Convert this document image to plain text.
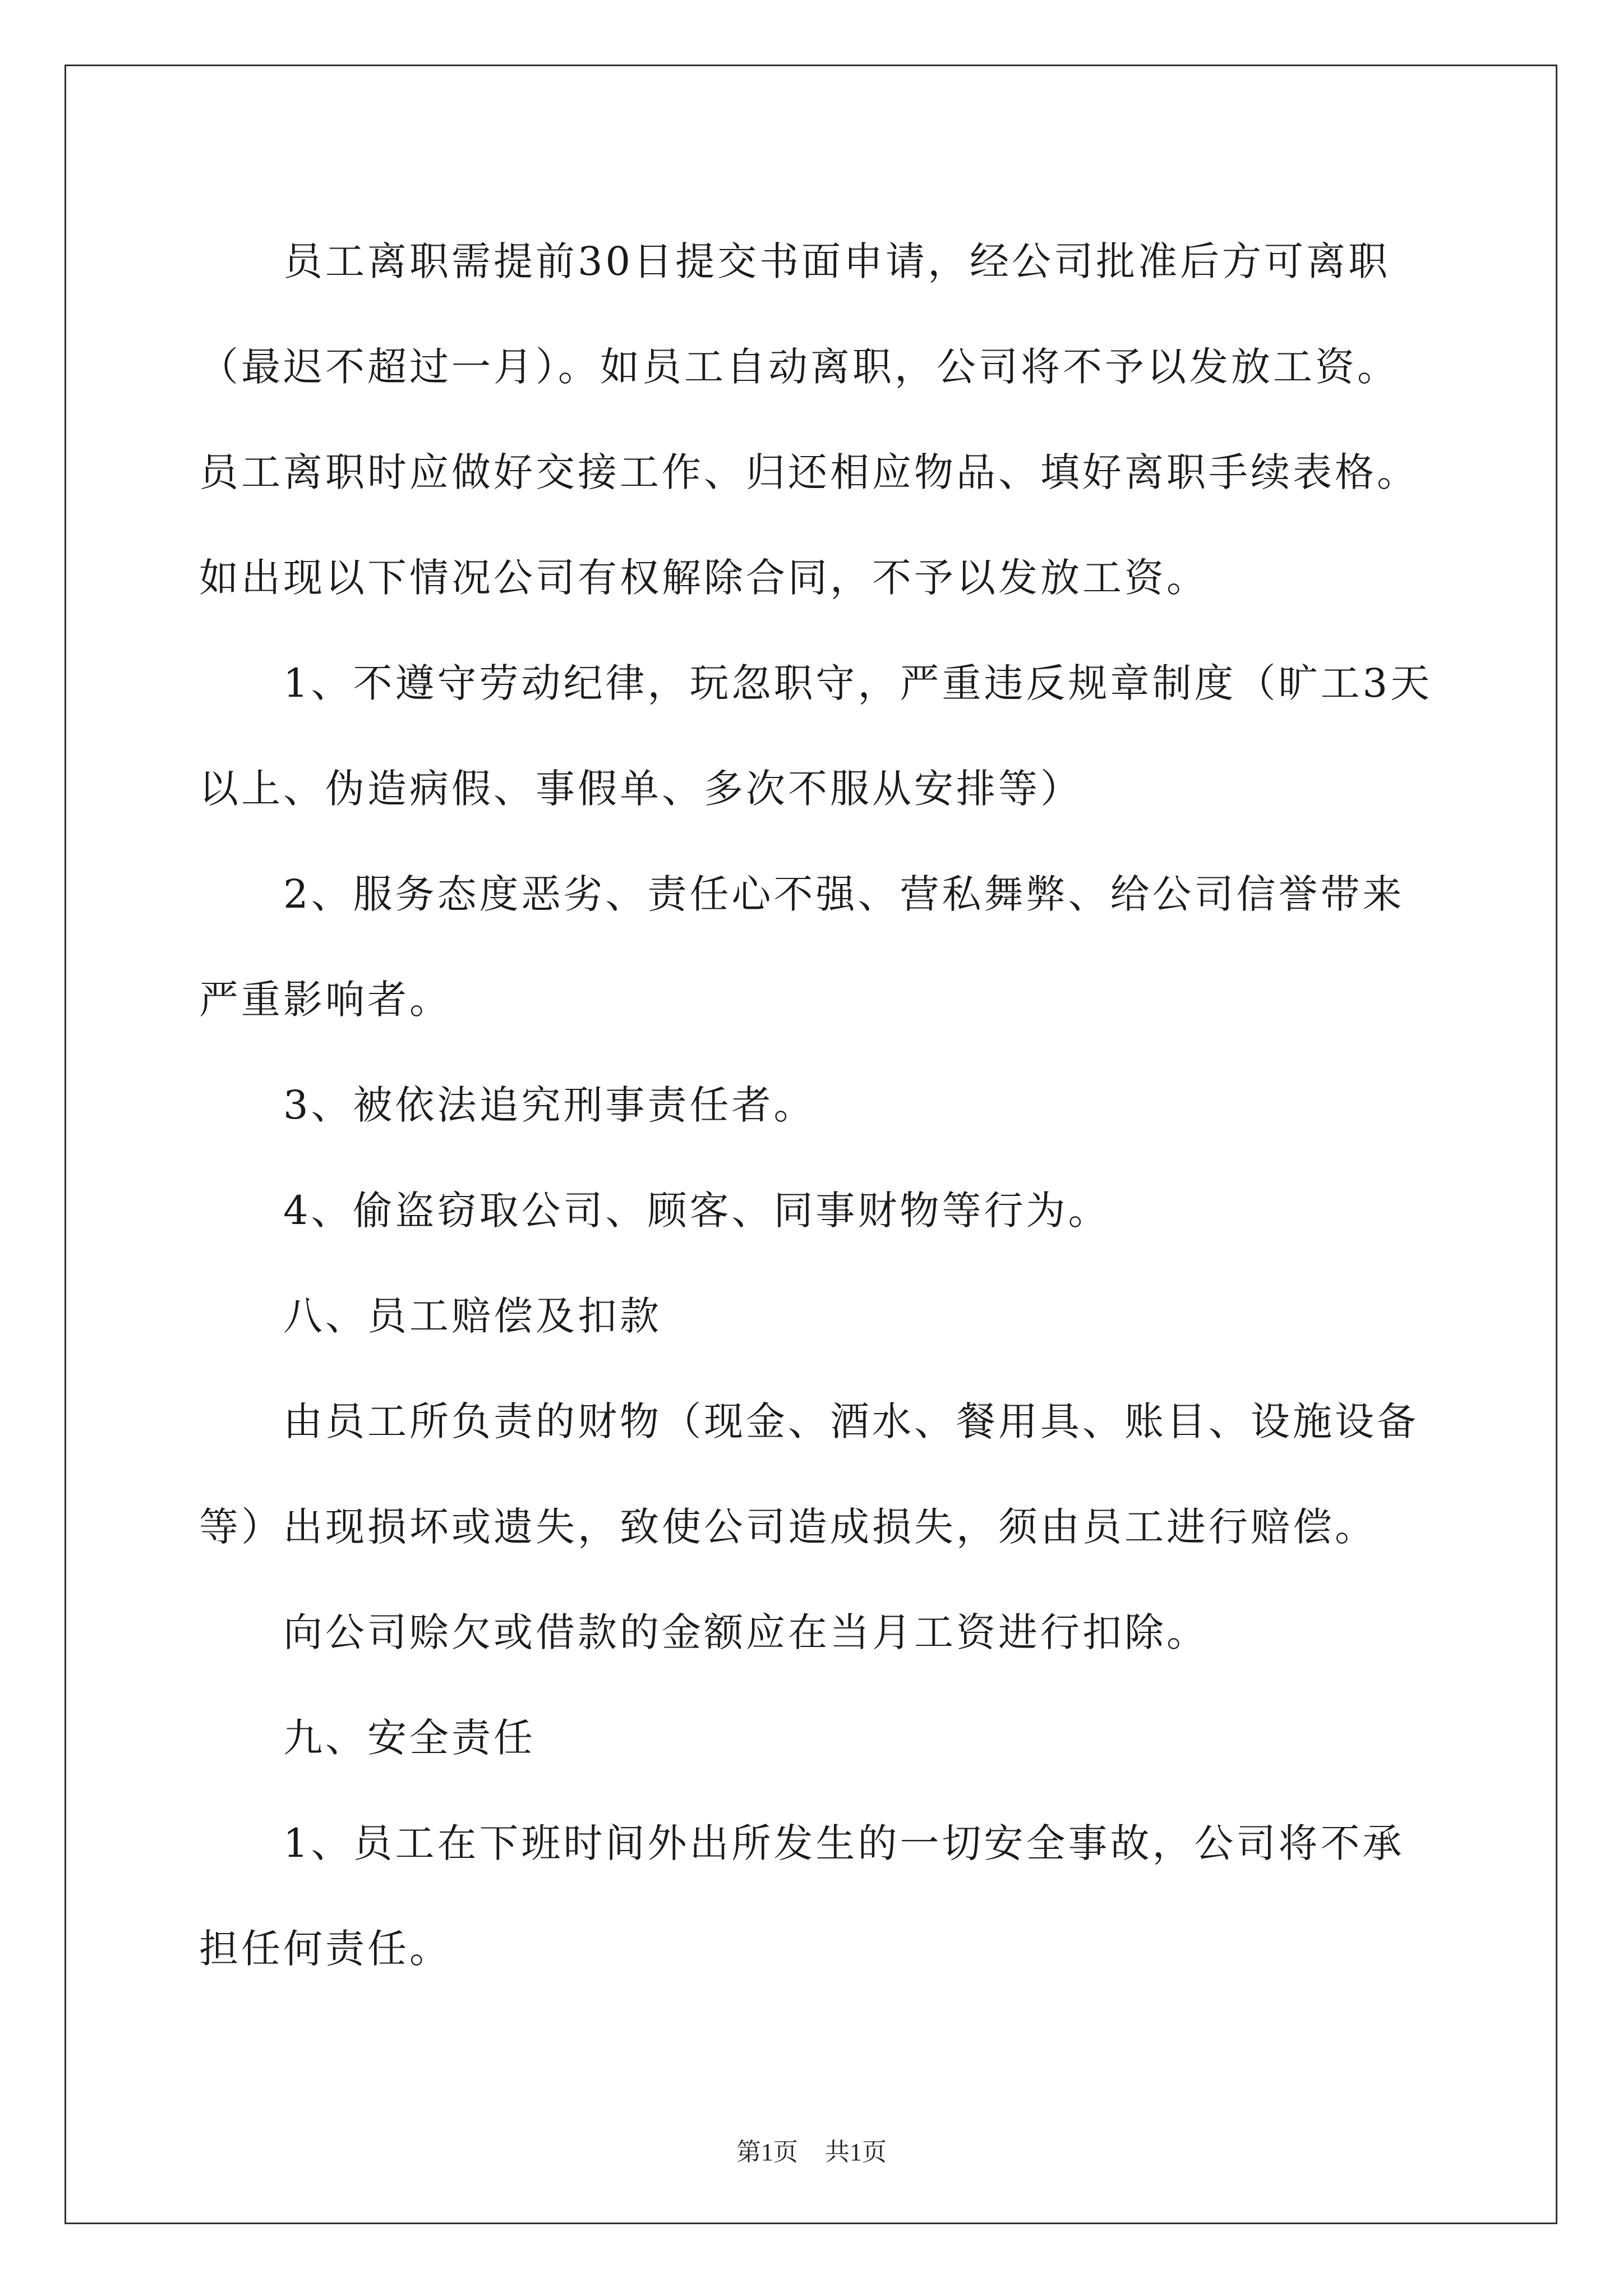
员工离职需提前30日提交书面申请，经公司批准后方可离职（最迟不超过一月）。如员工自动离职，公司将不予以发放工资。员工离职时应做好交接工作、归还相应物品、填好离职手续表格。如出现以下情况公司有权解除合同，不予以发放工资。

1、不遵守劳动纪律，玩忽职守，严重违反规章制度（旷工3天以上、伪造病假、事假单、多次不服从安排等）

2、服务态度恶劣、责任心不强、营私舞弊、给公司信誉带来严重影响者。

3、被依法追究刑事责任者。

4、偷盗窃取公司、顾客、同事财物等行为。

八、员工赔偿及扣款

由员工所负责的财物（现金、酒水、餐用具、账目、设施设备等）出现损坏或遗失，致使公司造成损失，须由员工进行赔偿。

向公司赊欠或借款的金额应在当月工资进行扣除。

九、安全责任

1、员工在下班时间外出所发生的一切安全事故，公司将不承担任何责任。

第1页 共1页
